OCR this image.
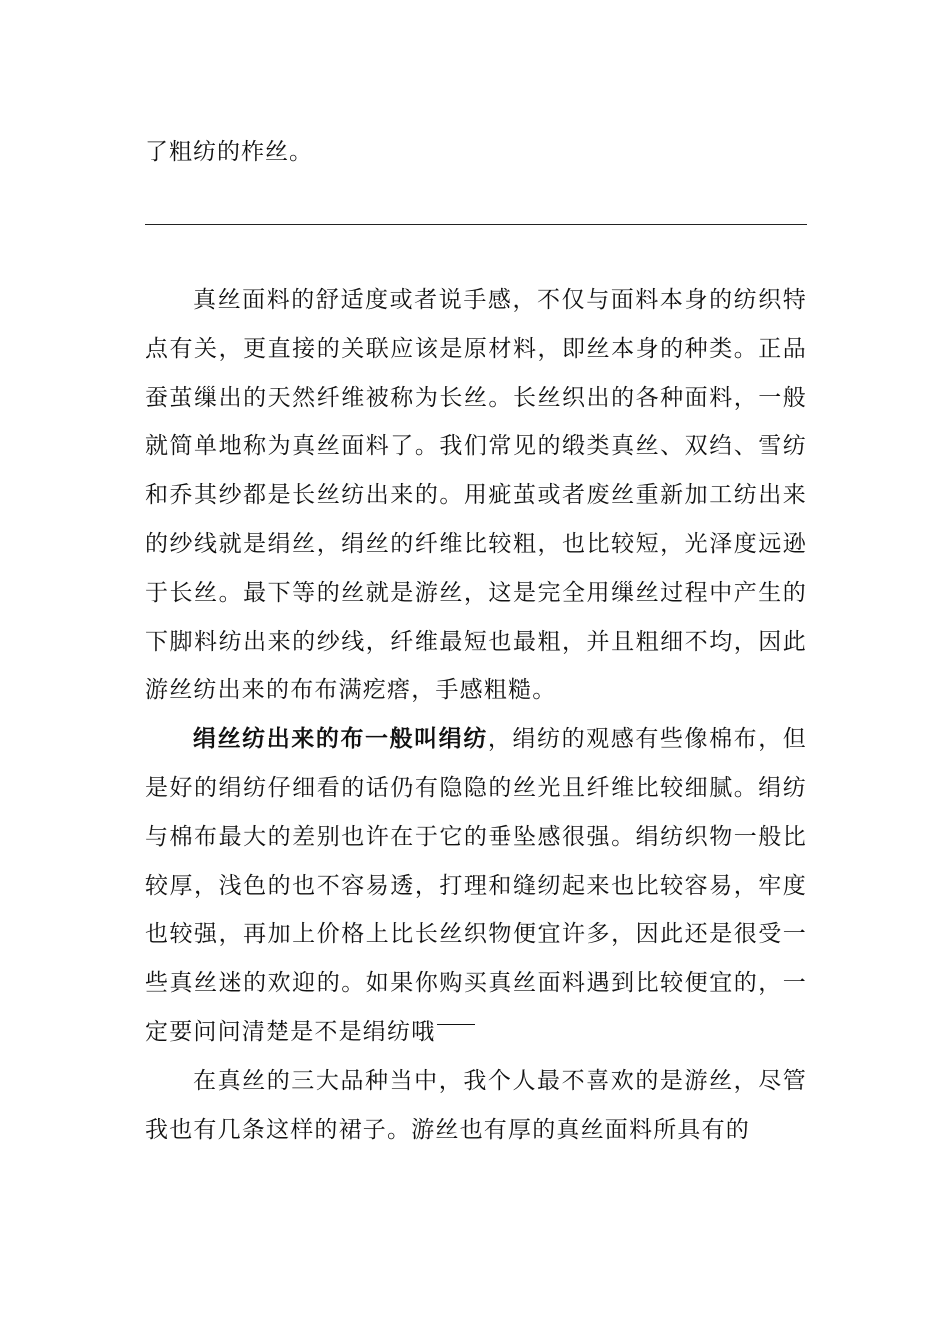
了粗纺的柞丝。

真丝面料的舒适度或者说手感，不仅与面料本身的纺织特点有关，更直接的关联应该是原材料，即丝本身的种类。正品蚕茧缫出的天然纤维被称为长丝。长丝织出的各种面料，一般就简单地称为真丝面料了。我们常见的缎类真丝、双绉、雪纺和乔其纱都是长丝纺出来的。用疵茧或者废丝重新加工纺出来的纱线就是绢丝，绢丝的纤维比较粗，也比较短，光泽度远逊于长丝。最下等的丝就是游丝，这是完全用缫丝过程中产生的下脚料纺出来的纱线，纤维最短也最粗，并且粗细不均，因此游丝纺出来的布布满疙瘩，手感粗糙。

绢丝纺出来的布一般叫绢纺，绢纺的观感有些像棉布，但是好的绢纺仔细看的话仍有隐隐的丝光且纤维比较细腻。绢纺与棉布最大的差别也许在于它的垂坠感很强。绢纺织物一般比较厚，浅色的也不容易透，打理和缝纫起来也比较容易，牢度也较强，再加上价格上比长丝织物便宜许多，因此还是很受一些真丝迷的欢迎的。如果你购买真丝面料遇到比较便宜的，一定要问问清楚是不是绢纺哦

在真丝的三大品种当中，我个人最不喜欢的是游丝，尽管我也有几条这样的裙子。游丝也有厚的真丝面料所具有的
